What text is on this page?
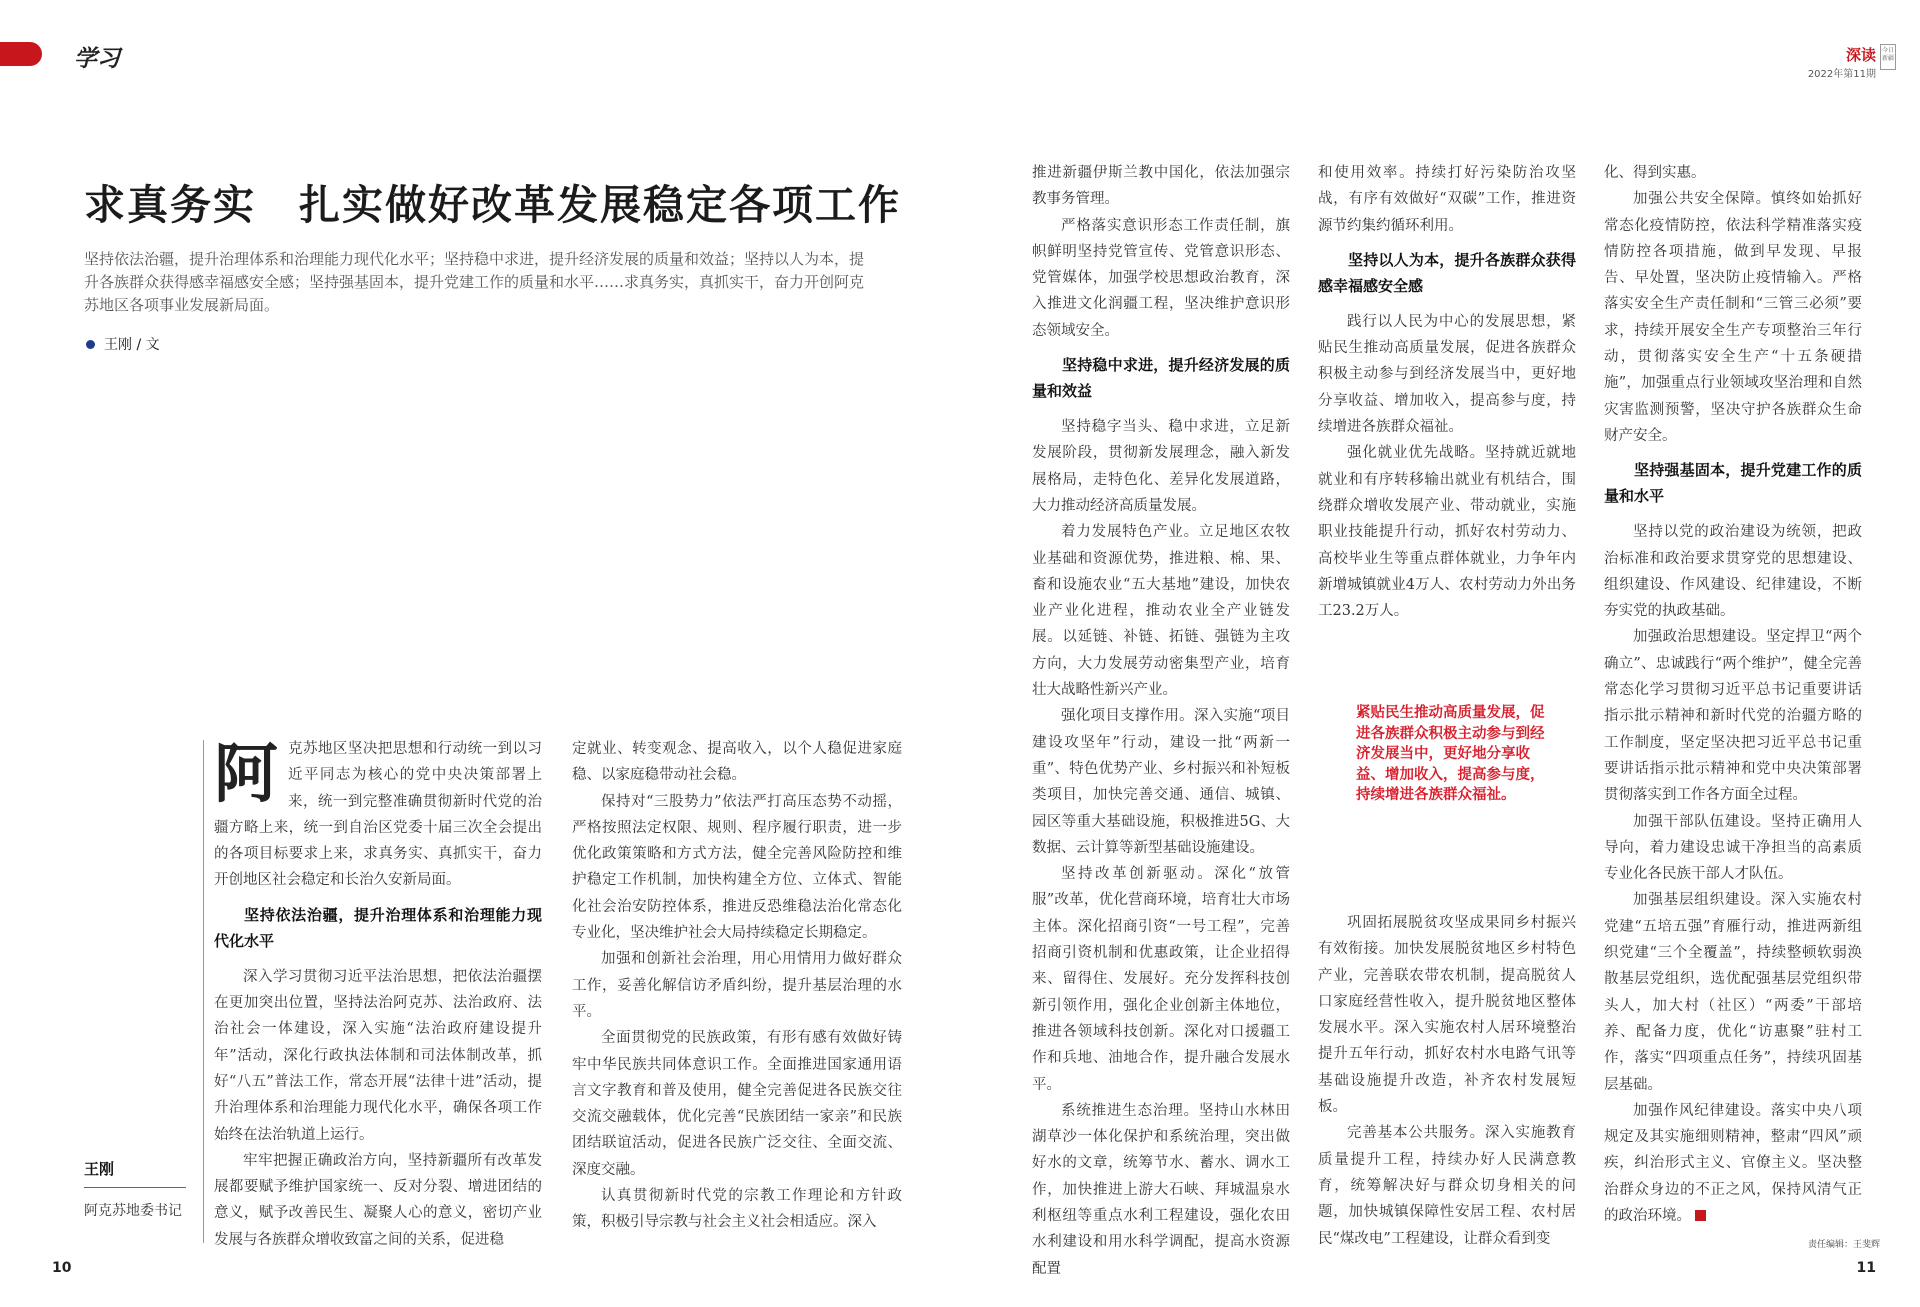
学习	深读
2022年第11期
今日新疆
求真务实　扎实做好改革发展稳定各项工作
坚持依法治疆，提升治理体系和治理能力现代化水平；坚持稳中求进，提升经济发展的质量和效益；坚持以人为本，提升各族群众获得感幸福感安全感；坚持强基固本，提升党建工作的质量和水平……求真务实，真抓实干，奋力开创阿克苏地区各项事业发展新局面。
王刚 / 文
王刚
阿克苏地委书记
阿 克苏地区坚决把思想和行动统一到以习近平同志为核心的党中央决策部署上来，统一到完整准确贯彻新时代党的治疆方略上来，统一到自治区党委十届三次全会提出的各项目标要求上来，求真务实、真抓实干，奋力开创地区社会稳定和长治久安新局面。

坚持依法治疆，提升治理体系和治理能力现代化水平

深入学习贯彻习近平法治思想，把依法治疆摆在更加突出位置，坚持法治阿克苏、法治政府、法治社会一体建设，深入实施“法治政府建设提升年”活动，深化行政执法体制和司法体制改革，抓好“八五”普法工作，常态开展“法律十进”活动，提升治理体系和治理能力现代化水平，确保各项工作始终在法治轨道上运行。

牢牢把握正确政治方向，坚持新疆所有改革发展都要赋予维护国家统一、反对分裂、增进团结的意义，赋予改善民生、凝聚人心的意义，密切产业发展与各族群众增收致富之间的关系，促进稳

定就业、转变观念、提高收入，以个人稳促进家庭稳、以家庭稳带动社会稳。

保持对“三股势力”依法严打高压态势不动摇，严格按照法定权限、规则、程序履行职责，进一步优化政策策略和方式方法，健全完善风险防控和维护稳定工作机制，加快构建全方位、立体式、智能化社会治安防控体系，推进反恐维稳法治化常态化专业化，坚决维护社会大局持续稳定长期稳定。

加强和创新社会治理，用心用情用力做好群众工作，妥善化解信访矛盾纠纷，提升基层治理的水平。

全面贯彻党的民族政策，有形有感有效做好铸牢中华民族共同体意识工作。全面推进国家通用语言文字教育和普及使用，健全完善促进各民族交往交流交融载体，优化完善“民族团结一家亲”和民族团结联谊活动，促进各民族广泛交往、全面交流、深度交融。

认真贯彻新时代党的宗教工作理论和方针政策，积极引导宗教与社会主义社会相适应。深入

推进新疆伊斯兰教中国化，依法加强宗教事务管理。

严格落实意识形态工作责任制，旗帜鲜明坚持党管宣传、党管意识形态、党管媒体，加强学校思想政治教育，深入推进文化润疆工程，坚决维护意识形态领域安全。

坚持稳中求进，提升经济发展的质量和效益

坚持稳字当头、稳中求进，立足新发展阶段，贯彻新发展理念，融入新发展格局，走特色化、差异化发展道路，大力推动经济高质量发展。

着力发展特色产业。立足地区农牧业基础和资源优势，推进粮、棉、果、畜和设施农业“五大基地”建设，加快农业产业化进程，推动农业全产业链发展。以延链、补链、拓链、强链为主攻方向，大力发展劳动密集型产业，培育壮大战略性新兴产业。

强化项目支撑作用。深入实施“项目建设攻坚年”行动，建设一批“两新一重”、特色优势产业、乡村振兴和补短板类项目，加快完善交通、通信、城镇、园区等重大基础设施，积极推进5G、大数据、云计算等新型基础设施建设。

坚持改革创新驱动。深化“放管服”改革，优化营商环境，培育壮大市场主体。深化招商引资“一号工程”，完善招商引资机制和优惠政策，让企业招得来、留得住、发展好。充分发挥科技创新引领作用，强化企业创新主体地位，推进各领域科技创新。深化对口援疆工作和兵地、油地合作，提升融合发展水平。

系统推进生态治理。坚持山水林田湖草沙一体化保护和系统治理，突出做好水的文章，统筹节水、蓄水、调水工作，加快推进上游大石峡、拜城温泉水利枢纽等重点水利工程建设，强化农田水利建设和用水科学调配，提高水资源配置

和使用效率。持续打好污染防治攻坚战，有序有效做好“双碳”工作，推进资源节约集约循环利用。

坚持以人为本，提升各族群众获得感幸福感安全感

践行以人民为中心的发展思想，紧贴民生推动高质量发展，促进各族群众积极主动参与到经济发展当中，更好地分享收益、增加收入，提高参与度，持续增进各族群众福祉。

强化就业优先战略。坚持就近就地就业和有序转移输出就业有机结合，围绕群众增收发展产业、带动就业，实施职业技能提升行动，抓好农村劳动力、高校毕业生等重点群体就业，力争年内新增城镇就业4万人、农村劳动力外出务工23.2万人。

紧贴民生推动高质量发展，促进各族群众积极主动参与到经济发展当中，更好地分享收益、增加收入，提高参与度，持续增进各族群众福祉。

巩固拓展脱贫攻坚成果同乡村振兴有效衔接。加快发展脱贫地区乡村特色产业，完善联农带农机制，提高脱贫人口家庭经营性收入，提升脱贫地区整体发展水平。深入实施农村人居环境整治提升五年行动，抓好农村水电路气讯等基础设施提升改造，补齐农村发展短板。

完善基本公共服务。深入实施教育质量提升工程，持续办好人民满意教育，统筹解决好与群众切身相关的问题，加快城镇保障性安居工程、农村居民“煤改电”工程建设，让群众看到变

化、得到实惠。

加强公共安全保障。慎终如始抓好常态化疫情防控，依法科学精准落实疫情防控各项措施，做到早发现、早报告、早处置，坚决防止疫情输入。严格落实安全生产责任制和“三管三必须”要求，持续开展安全生产专项整治三年行动，贯彻落实安全生产“十五条硬措施”，加强重点行业领域攻坚治理和自然灾害监测预警，坚决守护各族群众生命财产安全。

坚持强基固本，提升党建工作的质量和水平

坚持以党的政治建设为统领，把政治标准和政治要求贯穿党的思想建设、组织建设、作风建设、纪律建设，不断夯实党的执政基础。

加强政治思想建设。坚定捍卫“两个确立”、忠诚践行“两个维护”，健全完善常态化学习贯彻习近平总书记重要讲话指示批示精神和新时代党的治疆方略的工作制度，坚定坚决把习近平总书记重要讲话指示批示精神和党中央决策部署贯彻落实到工作各方面全过程。

加强干部队伍建设。坚持正确用人导向，着力建设忠诚干净担当的高素质专业化各民族干部人才队伍。

加强基层组织建设。深入实施农村党建“五培五强”育雁行动，推进两新组织党建“三个全覆盖”，持续整顿软弱涣散基层党组织，选优配强基层党组织带头人，加大村（社区）“两委”干部培养、配备力度，优化“访惠聚”驻村工作，落实“四项重点任务”，持续巩固基层基础。

加强作风纪律建设。落实中央八项规定及其实施细则精神，整肃“四风”顽疾，纠治形式主义、官僚主义。坚决整治群众身边的不正之风，保持风清气正的政治环境。

责任编辑：王斐辉
10	11
